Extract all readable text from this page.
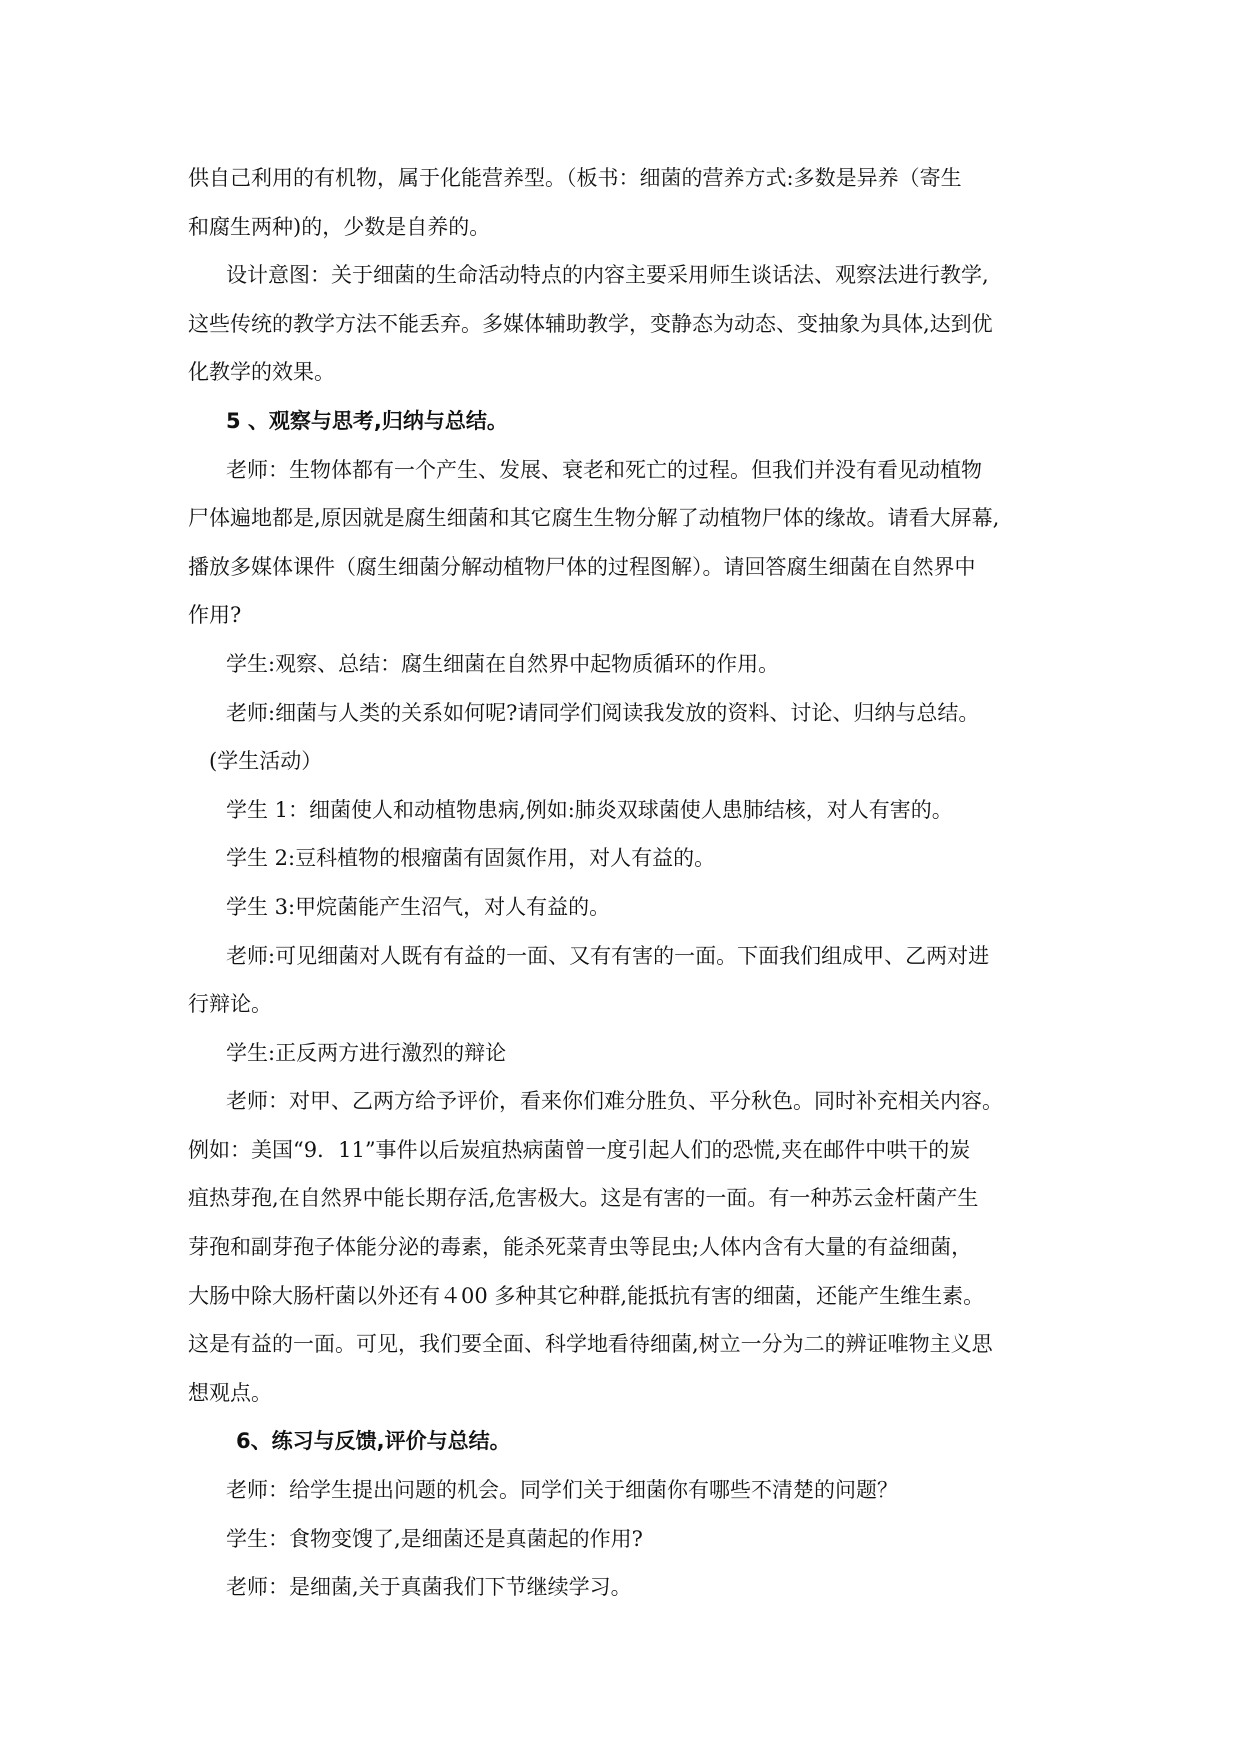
供自己利用的有机物，属于化能营养型。（板书：细菌的营养方式:多数是异养（寄生
和腐生两种)的，少数是自养的。
设计意图：关于细菌的生命活动特点的内容主要采用师生谈话法、观察法进行教学,
这些传统的教学方法不能丢弃。多媒体辅助教学，变静态为动态、变抽象为具体,达到优
化教学的效果。
5 、观察与思考,归纳与总结。
老师：生物体都有一个产生、发展、衰老和死亡的过程。但我们并没有看见动植物
尸体遍地都是,原因就是腐生细菌和其它腐生生物分解了动植物尸体的缘故。请看大屏幕,
播放多媒体课件（腐生细菌分解动植物尸体的过程图解）。请回答腐生细菌在自然界中
作用?
学生:观察、总结：腐生细菌在自然界中起物质循环的作用。
老师:细菌与人类的关系如何呢?请同学们阅读我发放的资料、讨论、归纳与总结。
(学生活动）
学生 1：细菌使人和动植物患病,例如:肺炎双球菌使人患肺结核，对人有害的。
学生 2:豆科植物的根瘤菌有固氮作用，对人有益的。
学生 3:甲烷菌能产生沼气，对人有益的。
老师:可见细菌对人既有有益的一面、又有有害的一面。下面我们组成甲、乙两对进
行辩论。
学生:正反两方进行激烈的辩论
老师：对甲、乙两方给予评价，看来你们难分胜负、平分秋色。同时补充相关内容。
例如：美国“9．11”事件以后炭疽热病菌曾一度引起人们的恐慌,夹在邮件中哄干的炭
疽热芽孢,在自然界中能长期存活,危害极大。这是有害的一面。有一种苏云金杆菌产生
芽孢和副芽孢子体能分泌的毒素，能杀死菜青虫等昆虫;人体内含有大量的有益细菌，
大肠中除大肠杆菌以外还有４00 多种其它种群,能抵抗有害的细菌，还能产生维生素。
这是有益的一面。可见，我们要全面、科学地看待细菌,树立一分为二的辨证唯物主义思
想观点。
6、练习与反馈,评价与总结。
老师：给学生提出问题的机会。同学们关于细菌你有哪些不清楚的问题？
学生：食物变馊了,是细菌还是真菌起的作用?
老师：是细菌,关于真菌我们下节继续学习。
